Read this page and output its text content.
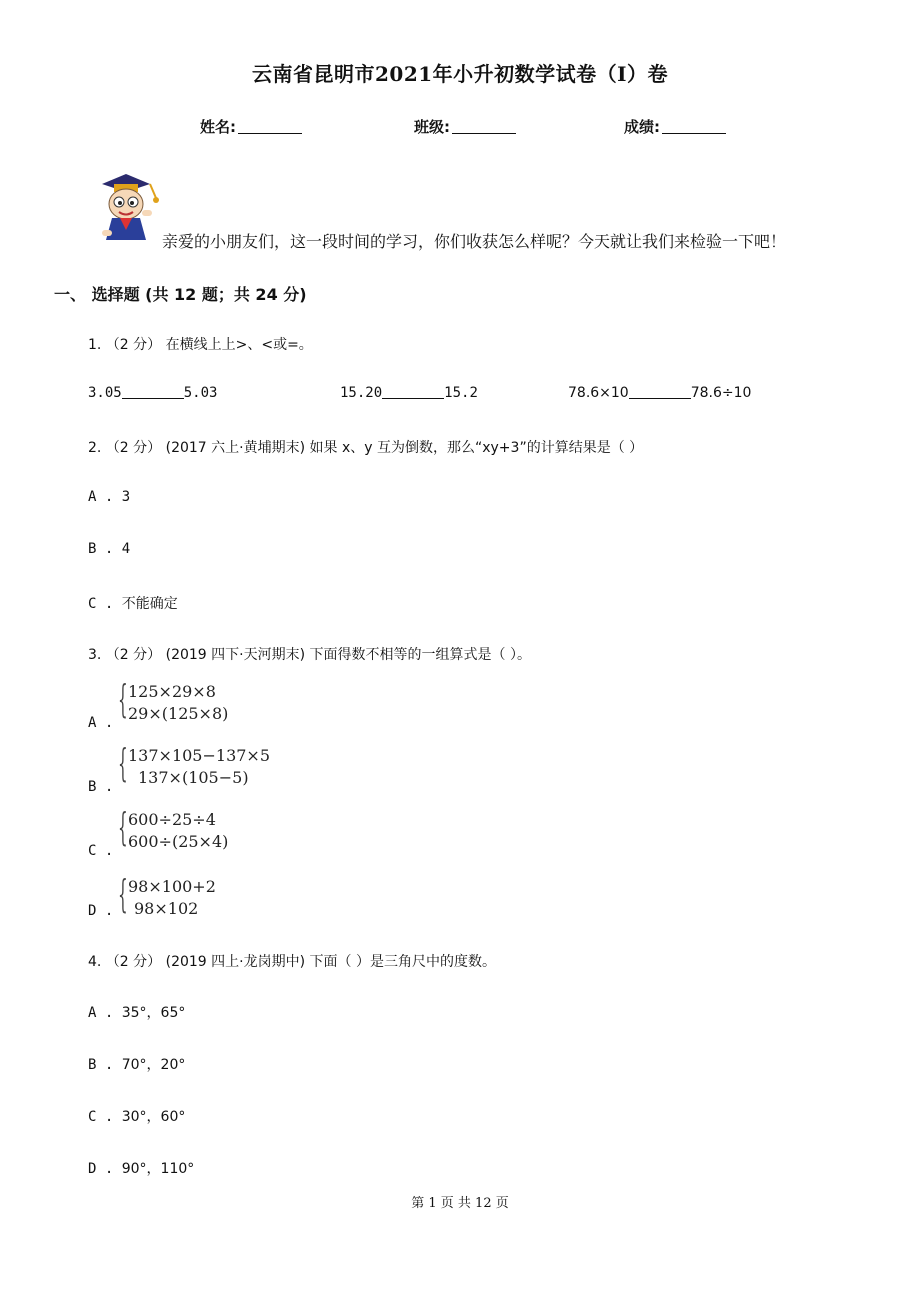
云南省昆明市2021年小升初数学试卷（I）卷
姓名:	班级:	成绩:
亲爱的小朋友们，这一段时间的学习，你们收获怎么样呢？今天就让我们来检验一下吧！
一、 选择题 (共 12 题；共 24 分)
1. （2 分） 在横线上上>、<或=。
3.05	5.03	15.20	15.2	78.6×10	78.6÷10
2. （2 分） (2017 六上·黄埔期末) 如果 x、y 互为倒数，那么“xy+3”的计算结果是（ ）
A . 3
B . 4
C . 不能确定
3. （2 分） (2019 四下·天河期末) 下面得数不相等的一组算式是（ ）。
A .
{ 125×29×8
29×(125×8)
B .
{ 137×105−137×5
137×(105−5)
C .
{ 600÷25÷4
600÷(25×4)
D . { 98×100+2
98×102
4. （2 分） (2019 四上·龙岗期中) 下面（ ）是三角尺中的度数。
A . 35°，65°
B . 70°，20°
C . 30°，60°
D . 90°，110°
第 1 页 共 12 页
